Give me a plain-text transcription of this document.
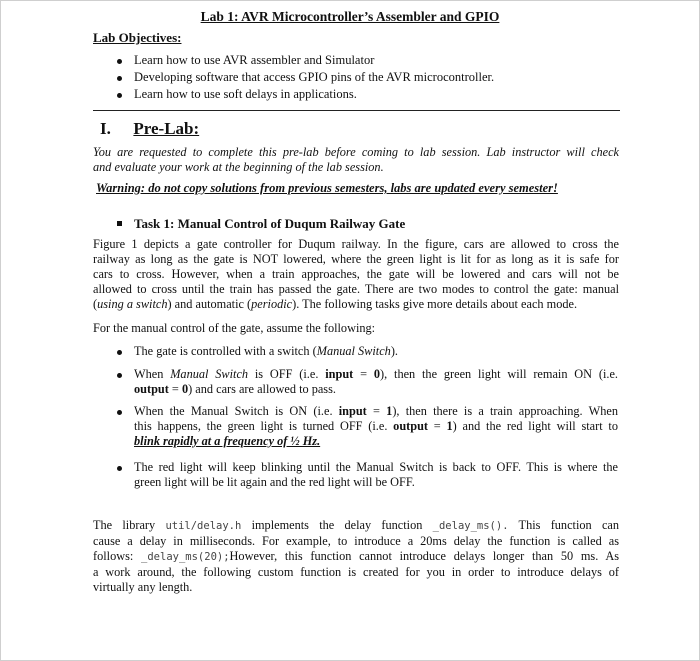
Lab 1: AVR Microcontroller’s Assembler and GPIO
Lab Objectives:
Learn how to use AVR assembler and Simulator
Developing software that access GPIO pins of the AVR microcontroller.
Learn how to use soft delays in applications.
I. Pre-Lab:
You are requested to complete this pre-lab before coming to lab session. Lab instructor will check
and evaluate your work at the beginning of the lab session.
Warning: do not copy solutions from previous semesters, labs are updated every semester!
Task 1: Manual Control of Duqum Railway Gate
Figure 1 depicts a gate controller for Duqum railway. In the figure, cars are allowed to cross the
railway as long as the gate is NOT lowered, where the green light is lit for as long as it is safe for
cars to cross. However, when a train approaches, the gate will be lowered and cars will not be
allowed to cross until the train has passed the gate. There are two modes to control the gate: manual
(using a switch) and automatic (periodic). The following tasks give more details about each mode.
For the manual control of the gate, assume the following:
The gate is controlled with a switch (Manual Switch).
When Manual Switch is OFF (i.e. input = 0), then the green light will remain ON (i.e.
output = 0) and cars are allowed to pass.
When the Manual Switch is ON (i.e. input = 1), then there is a train approaching. When
this happens, the green light is turned OFF (i.e. output = 1) and the red light will start to
blink rapidly at a frequency of ½ Hz.
The red light will keep blinking until the Manual Switch is back to OFF. This is where the
green light will be lit again and the red light will be OFF.
The library util/delay.h implements the delay function _delay_ms(). This function can
cause a delay in milliseconds. For example, to introduce a 20ms delay the function is called as
follows: _delay_ms(20);However, this function cannot introduce delays longer than 50 ms. As
a work around, the following custom function is created for you in order to introduce delays of
virtually any length.
